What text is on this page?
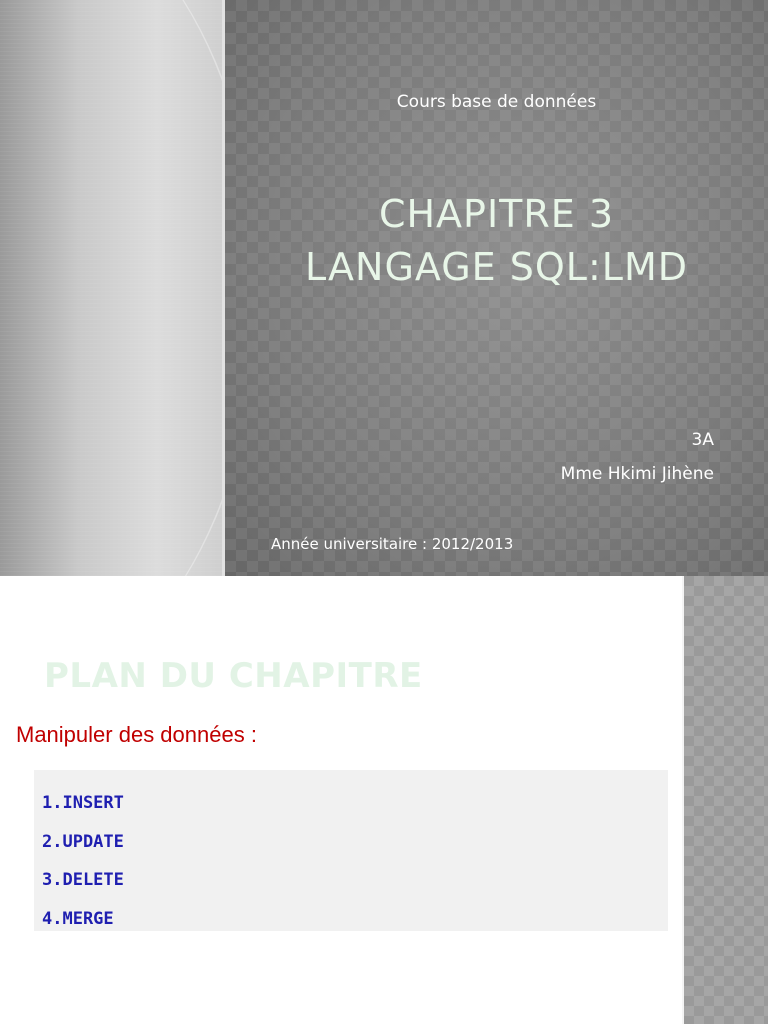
Cours base de données
CHAPITRE 3
LANGAGE SQL:LMD
3A
Mme Hkimi Jihène
Année universitaire : 2012/2013
PLAN DU CHAPITRE
Manipuler des données :
1.INSERT
2.UPDATE
3.DELETE
4.MERGE
